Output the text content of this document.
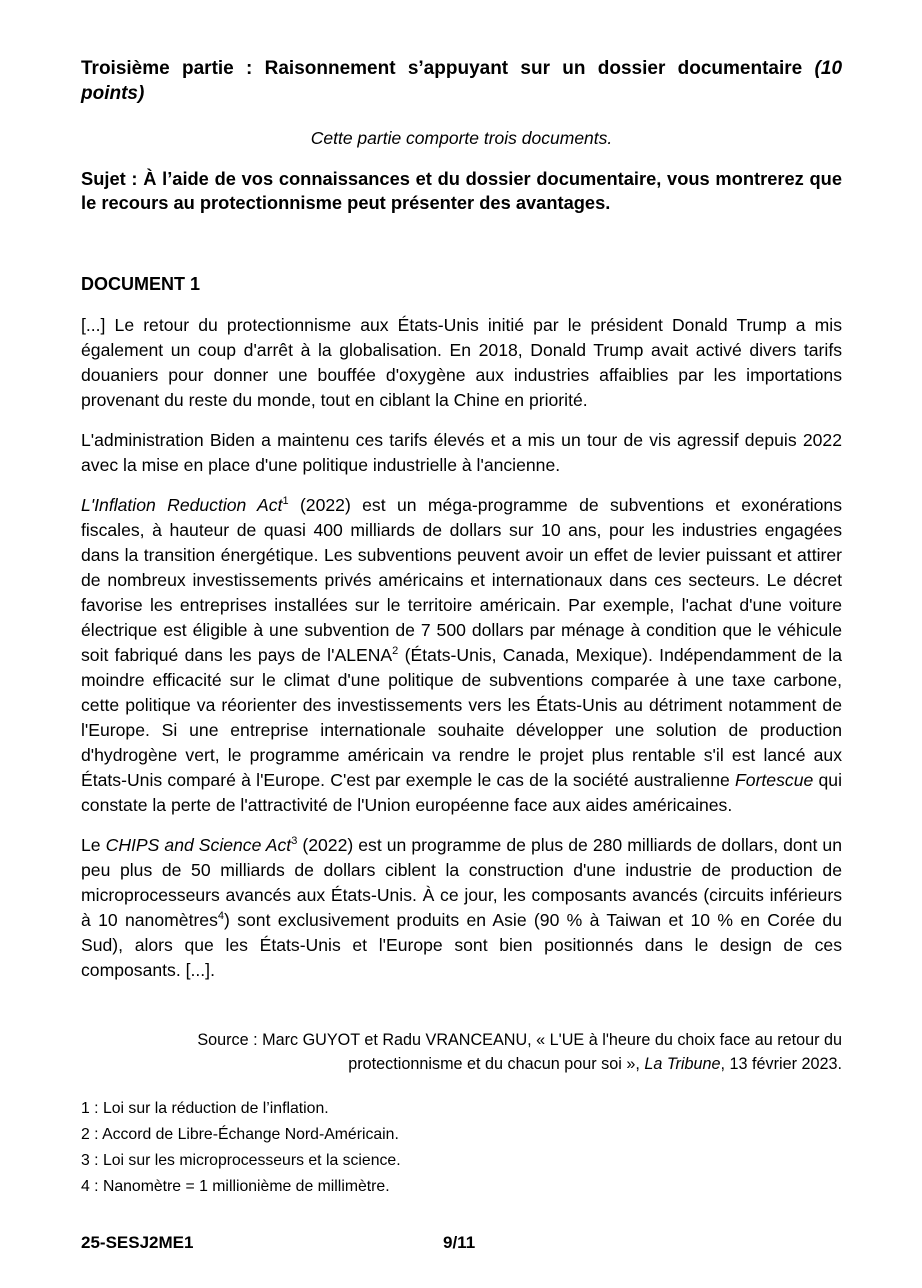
Troisième partie : Raisonnement s’appuyant sur un dossier documentaire (10 points)
Cette partie comporte trois documents.
Sujet : À l’aide de vos connaissances et du dossier documentaire, vous montrerez que le recours au protectionnisme peut présenter des avantages.
DOCUMENT 1

[...] Le retour du protectionnisme aux États-Unis initié par le président Donald Trump a mis également un coup d'arrêt à la globalisation. En 2018, Donald Trump avait activé divers tarifs douaniers pour donner une bouffée d'oxygène aux industries affaiblies par les importations provenant du reste du monde, tout en ciblant la Chine en priorité.

L'administration Biden a maintenu ces tarifs élevés et a mis un tour de vis agressif depuis 2022 avec la mise en place d'une politique industrielle à l'ancienne.

L'Inflation Reduction Act$^1$ (2022) est un méga-programme de subventions et exonérations fiscales, à hauteur de quasi 400 milliards de dollars sur 10 ans, pour les industries engagées dans la transition énergétique. Les subventions peuvent avoir un effet de levier puissant et attirer de nombreux investissements privés américains et internationaux dans ces secteurs. Le décret favorise les entreprises installées sur le territoire américain. Par exemple, l'achat d'une voiture électrique est éligible à une subvention de 7 500 dollars par ménage à condition que le véhicule soit fabriqué dans les pays de l'ALENA$^2$ (États-Unis, Canada, Mexique). Indépendamment de la moindre efficacité sur le climat d'une politique de subventions comparée à une taxe carbone, cette politique va réorienter des investissements vers les États-Unis au détriment notamment de l'Europe. Si une entreprise internationale souhaite développer une solution de production d'hydrogène vert, le programme américain va rendre le projet plus rentable s'il est lancé aux États-Unis comparé à l'Europe. C'est par exemple le cas de la société australienne Fortescue qui constate la perte de l'attractivité de l'Union européenne face aux aides américaines.

Le CHIPS and Science Act$^3$ (2022) est un programme de plus de 280 milliards de dollars, dont un peu plus de 50 milliards de dollars ciblent la construction d'une industrie de production de microprocesseurs avancés aux États-Unis. À ce jour, les composants avancés (circuits inférieurs à 10 nanomètres$^4$) sont exclusivement produits en Asie (90 % à Taiwan et 10 % en Corée du Sud), alors que les États-Unis et l'Europe sont bien positionnés dans le design de ces composants. [...].

Source : Marc GUYOT et Radu VRANCEANU, « L'UE à l'heure du choix face au retour du protectionnisme et du chacun pour soi », La Tribune, 13 février 2023.
1 : Loi sur la réduction de l’inflation.
2 : Accord de Libre-Échange Nord-Américain.
3 : Loi sur les microprocesseurs et la science.
4 : Nanomètre = 1 millionième de millimètre.
25-SESJ2ME1	9/11
